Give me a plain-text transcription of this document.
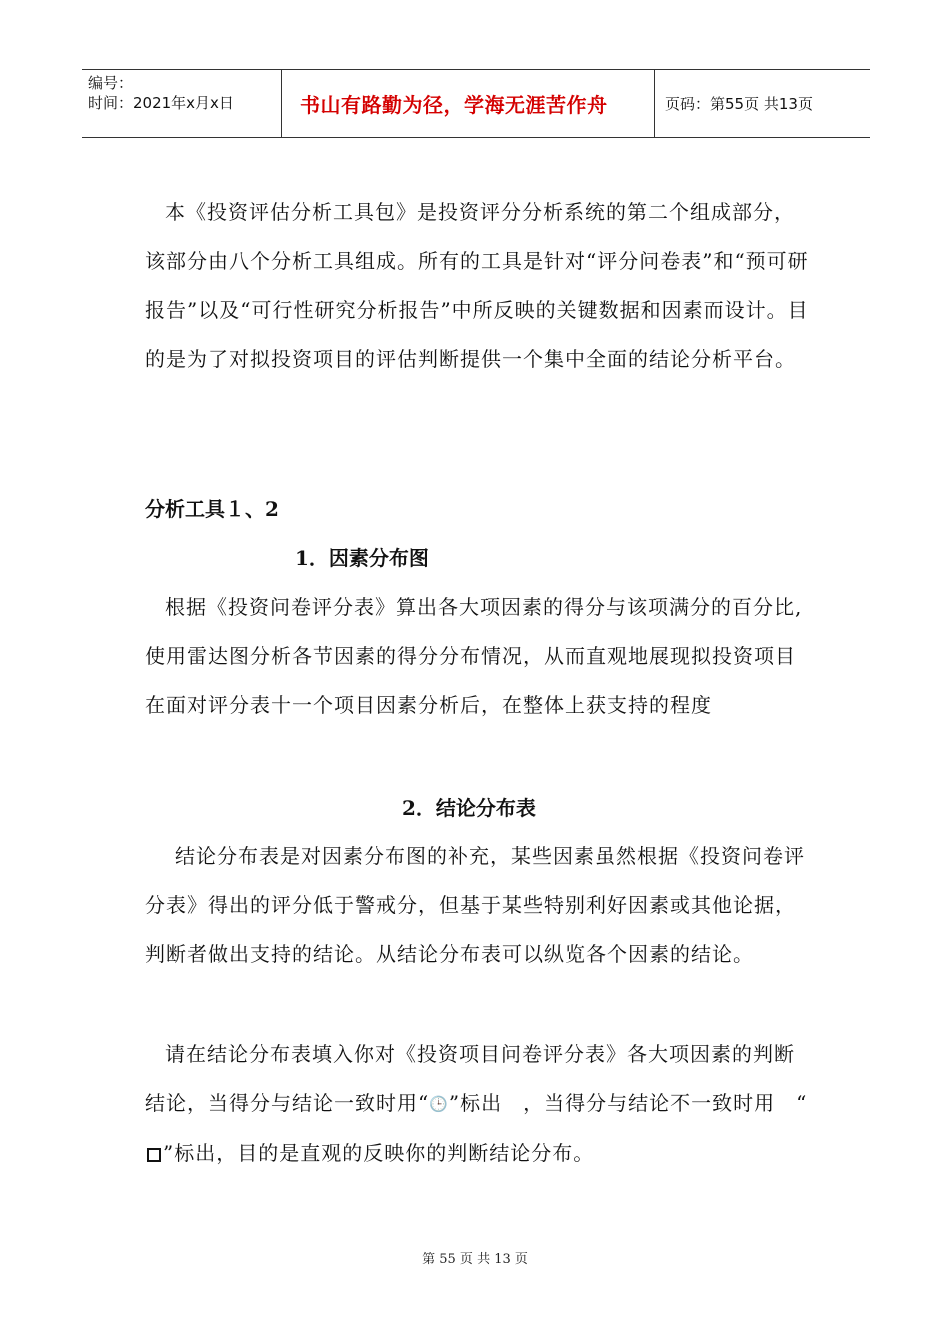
编号：
时间：2021年x月x日	书山有路勤为径，学海无涯苦作舟	页码：第55页 共13页

本《投资评估分析工具包》是投资评分分析系统的第二个组成部分，该部分由八个分析工具组成。所有的工具是针对“评分问卷表”和“预可研报告”以及“可行性研究分析报告”中所反映的关键数据和因素而设计。目的是为了对拟投资项目的评估判断提供一个集中全面的结论分析平台。

分析工具１、2
1．因素分布图

根据《投资问卷评分表》算出各大项因素的得分与该项满分的百分比,使用雷达图分析各节因素的得分分布情况，从而直观地展现拟投资项目在面对评分表十一个项目因素分析后，在整体上获支持的程度

2．结论分布表

结论分布表是对因素分布图的补充，某些因素虽然根据《投资问卷评分表》得出的评分低于警戒分，但基于某些特别利好因素或其他论据，判断者做出支持的结论。从结论分布表可以纵览各个因素的结论。

请在结论分布表填入你对《投资项目问卷评分表》各大项因素的判断结论，当得分与结论一致时用“🕒”标出　，当得分与结论不一致时用　“”标出，目的是直观的反映你的判断结论分布。

第 55 页 共 13 页
